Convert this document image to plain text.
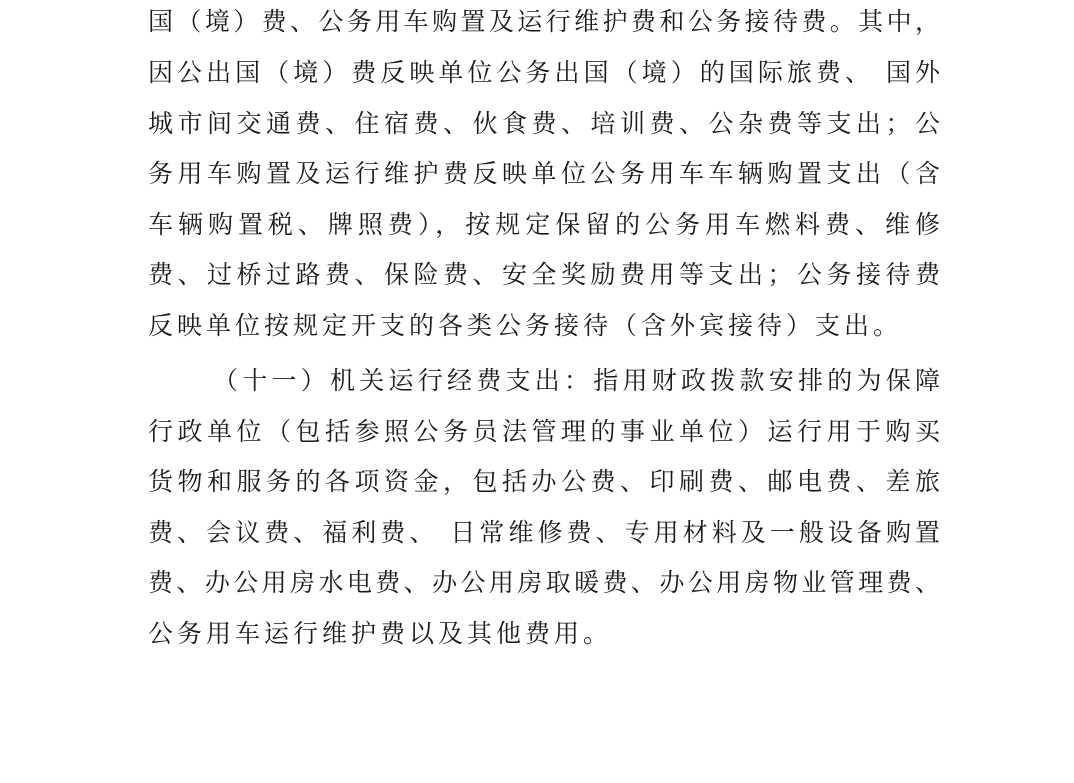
国（境）费、公务用车购置及运行维护费和公务接待费。其中，
因公出国（境）费反映单位公务出国（境）的国际旅费、 国外
城市间交通费、住宿费、伙食费、培训费、公杂费等支出；公
务用车购置及运行维护费反映单位公务用车车辆购置支出（含
车辆购置税、牌照费），按规定保留的公务用车燃料费、维修
费、过桥过路费、保险费、安全奖励费用等支出；公务接待费
反映单位按规定开支的各类公务接待（含外宾接待）支出。
（十一）机关运行经费支出：指用财政拨款安排的为保障
行政单位（包括参照公务员法管理的事业单位）运行用于购买
货物和服务的各项资金，包括办公费、印刷费、邮电费、差旅
费、会议费、福利费、 日常维修费、专用材料及一般设备购置
费、办公用房水电费、办公用房取暖费、办公用房物业管理费、
公务用车运行维护费以及其他费用。
